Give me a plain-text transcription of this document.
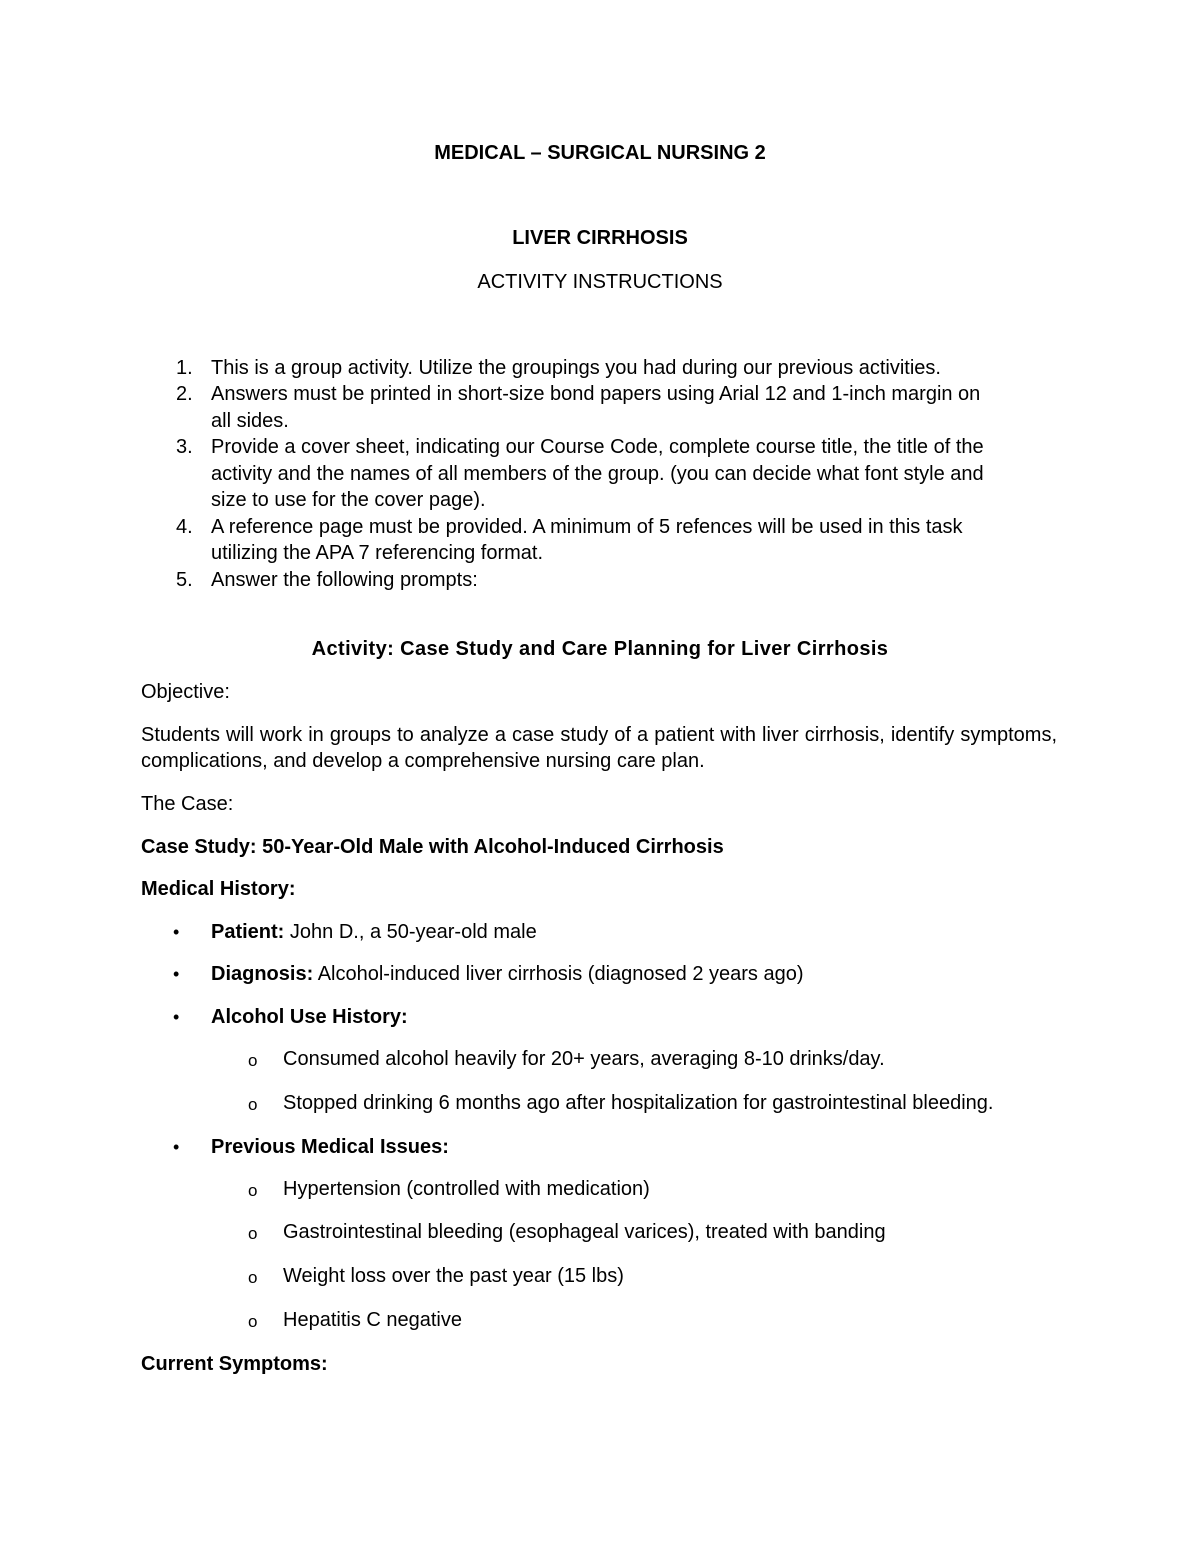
MEDICAL – SURGICAL NURSING 2
LIVER CIRRHOSIS
ACTIVITY INSTRUCTIONS
1. This is a group activity. Utilize the groupings you had during our previous activities.
2. Answers must be printed in short-size bond papers using Arial 12 and 1-inch margin on
all sides.
3. Provide a cover sheet, indicating our Course Code, complete course title, the title of the
activity and the names of all members of the group. (you can decide what font style and
size to use for the cover page).
4. A reference page must be provided. A minimum of 5 refences will be used in this task
utilizing the APA 7 referencing format.
5. Answer the following prompts:
Activity: Case Study and Care Planning for Liver Cirrhosis
Objective:
Students will work in groups to analyze a case study of a patient with liver cirrhosis, identify symptoms, complications, and develop a comprehensive nursing care plan.
The Case:
Case Study: 50-Year-Old Male with Alcohol-Induced Cirrhosis
Medical History:
• Patient: John D., a 50-year-old male
• Diagnosis: Alcohol-induced liver cirrhosis (diagnosed 2 years ago)
• Alcohol Use History:
o Consumed alcohol heavily for 20+ years, averaging 8-10 drinks/day.
o Stopped drinking 6 months ago after hospitalization for gastrointestinal bleeding.
• Previous Medical Issues:
o Hypertension (controlled with medication)
o Gastrointestinal bleeding (esophageal varices), treated with banding
o Weight loss over the past year (15 lbs)
o Hepatitis C negative
Current Symptoms:
